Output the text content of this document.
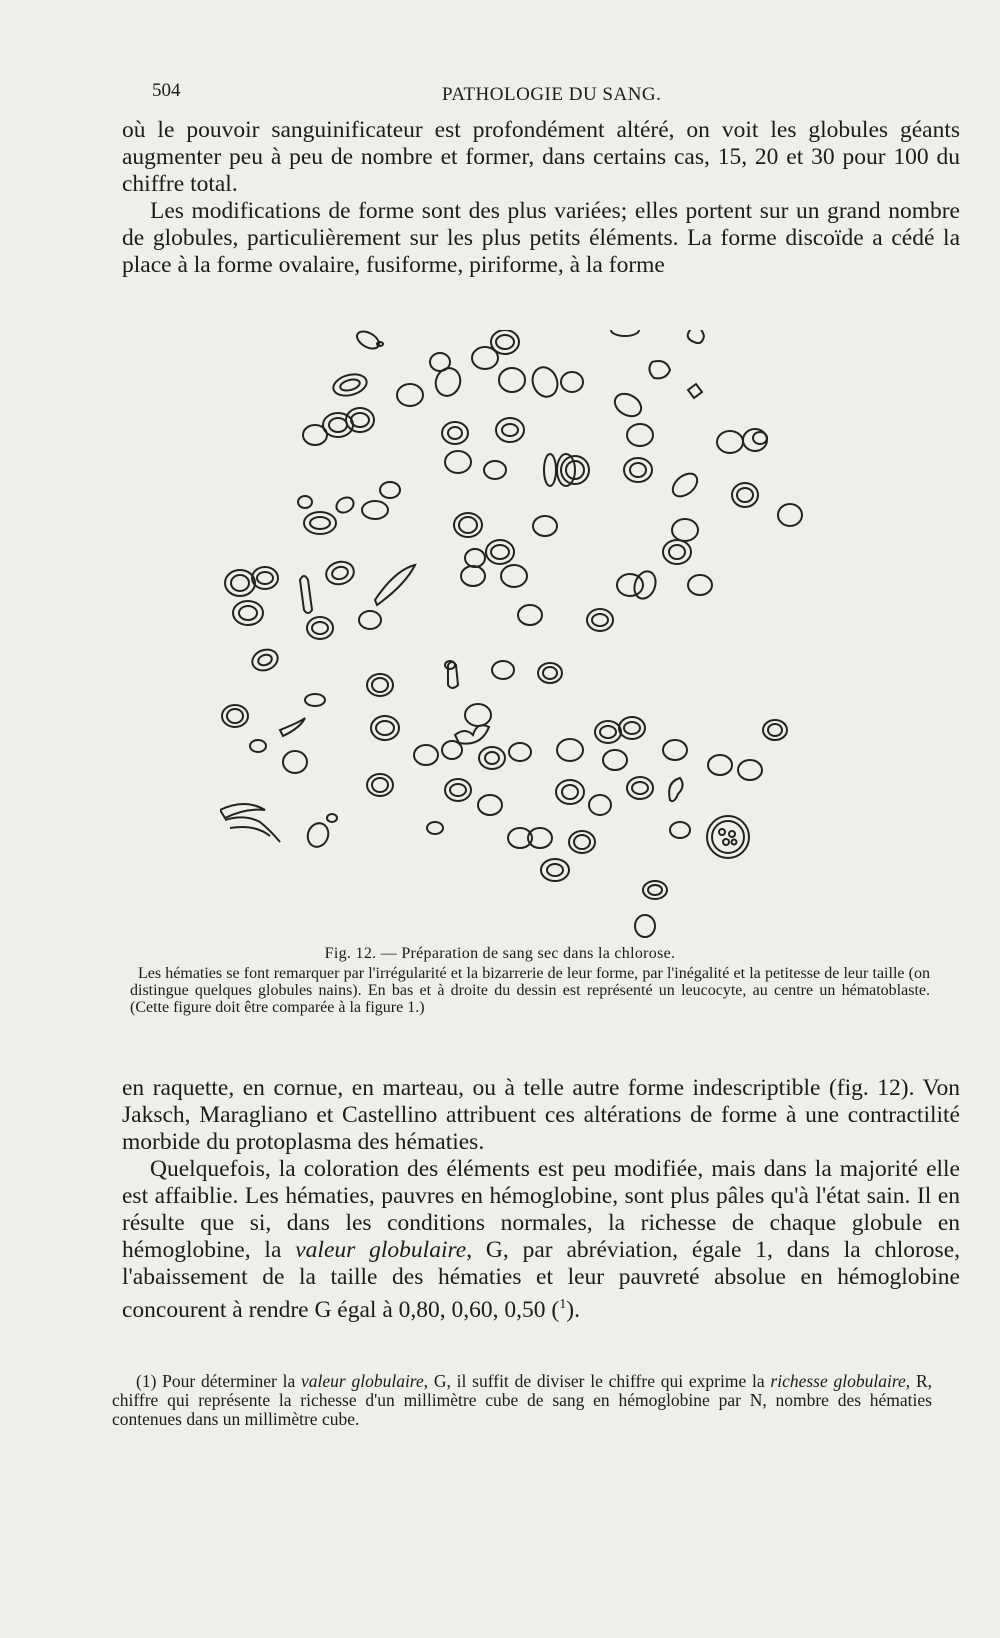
504	PATHOLOGIE DU SANG.

où le pouvoir sanguinificateur est profondément altéré, on voit les globules géants augmenter peu à peu de nombre et former, dans certains cas, 15, 20 et 30 pour 100 du chiffre total.

Les modifications de forme sont des plus variées; elles portent sur un grand nombre de globules, particulièrement sur les plus petits éléments. La forme discoïde a cédé la place à la forme ovalaire, fusiforme, piriforme, à la forme

Fig. 12. — Préparation de sang sec dans la chlorose.
Les hématies se font remarquer par l'irrégularité et la bizarrerie de leur forme, par l'inégalité et la petitesse de leur taille (on distingue quelques globules nains). En bas et à droite du dessin est représenté un leucocyte, au centre un hématoblaste. (Cette figure doit être comparée à la figure 1.)

en raquette, en cornue, en marteau, ou à telle autre forme indescriptible (fig. 12). Von Jaksch, Maragliano et Castellino attribuent ces altérations de forme à une contractilité morbide du protoplasma des hématies.

Quelquefois, la coloration des éléments est peu modifiée, mais dans la majorité elle est affaiblie. Les hématies, pauvres en hémoglobine, sont plus pâles qu'à l'état sain. Il en résulte que si, dans les conditions normales, la richesse de chaque globule en hémoglobine, la valeur globulaire, G, par abréviation, égale 1, dans la chlorose, l'abaissement de la taille des hématies et leur pauvreté absolue en hémoglobine concourent à rendre G égal à 0,80, 0,60, 0,50 ($^1$).

(1) Pour déterminer la valeur globulaire, G, il suffit de diviser le chiffre qui exprime la richesse globulaire, R, chiffre qui représente la richesse d'un millimètre cube de sang en hémoglobine par N, nombre des hématies contenues dans un millimètre cube.
